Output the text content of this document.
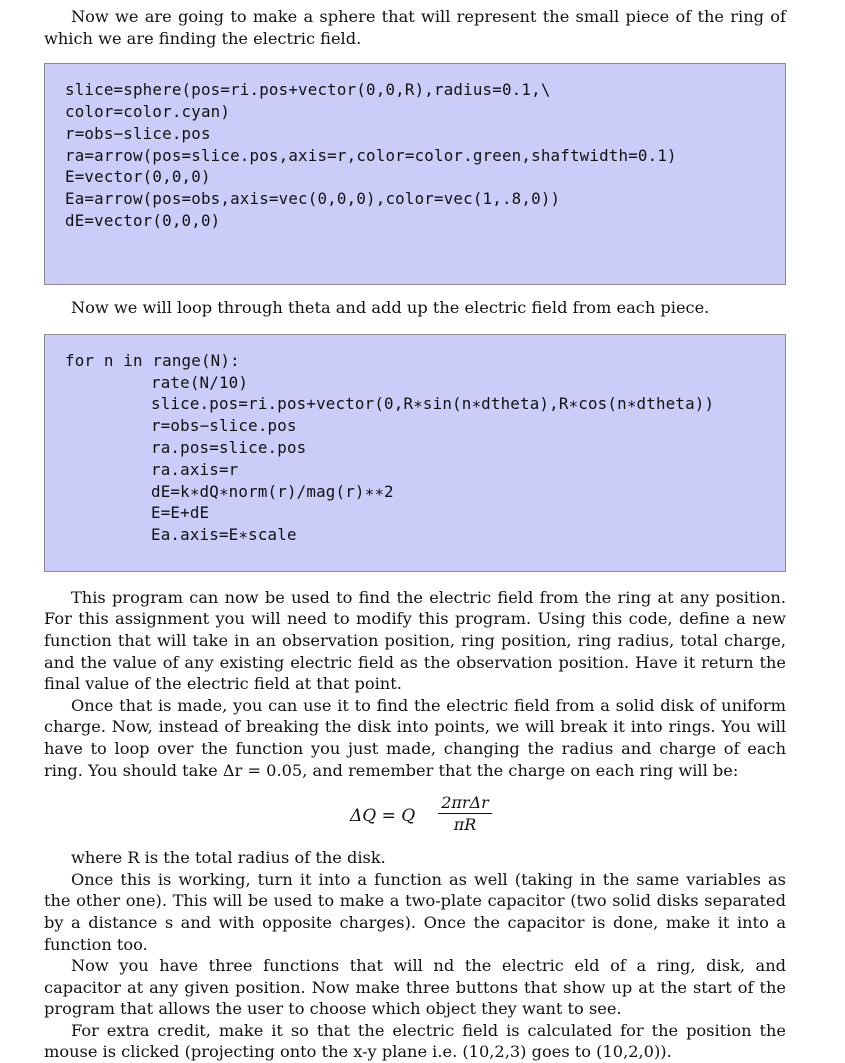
Now we are going to make a sphere that will represent the small piece of the ring of which we are finding the electric field.

slice=sphere(pos=ri.pos+vector(0,0,R),radius=0.1,\
color=color.cyan)
r=obs−slice.pos
ra=arrow(pos=slice.pos,axis=r,color=color.green,shaftwidth=0.1)
E=vector(0,0,0)
Ea=arrow(pos=obs,axis=vec(0,0,0),color=vec(1,.8,0))
dE=vector(0,0,0)

Now we will loop through theta and add up the electric field from each piece.

for n in range(N):
rate(N/10)
slice.pos=ri.pos+vector(0,R∗sin(n∗dtheta),R∗cos(n∗dtheta))
r=obs−slice.pos
ra.pos=slice.pos
ra.axis=r
dE=k∗dQ∗norm(r)/mag(r)∗∗2
E=E+dE
Ea.axis=E∗scale

This program can now be used to find the electric field from the ring at any position. For this assignment you will need to modify this program. Using this code, define a new function that will take in an observation position, ring position, ring radius, total charge, and the value of any existing electric field as the observation position. Have it return the final value of the electric field at that point.

Once that is made, you can use it to find the electric field from a solid disk of uniform charge. Now, instead of breaking the disk into points, we will break it into rings. You will have to loop over the function you just made, changing the radius and charge of each ring. You should take Δr = 0.05, and remember that the charge on each ring will be:

ΔQ = Q
2πrΔr
πR

where R is the total radius of the disk.

Once this is working, turn it into a function as well (taking in the same variables as the other one). This will be used to make a two-plate capacitor (two solid disks separated by a distance s and with opposite charges). Once the capacitor is done, make it into a function too.

Now you have three functions that will nd the electric eld of a ring, disk, and capacitor at any given position. Now make three buttons that show up at the start of the program that allows the user to choose which object they want to see.

For extra credit, make it so that the electric field is calculated for the position the mouse is clicked (projecting onto the x-y plane i.e. (10,2,3) goes to (10,2,0)).
